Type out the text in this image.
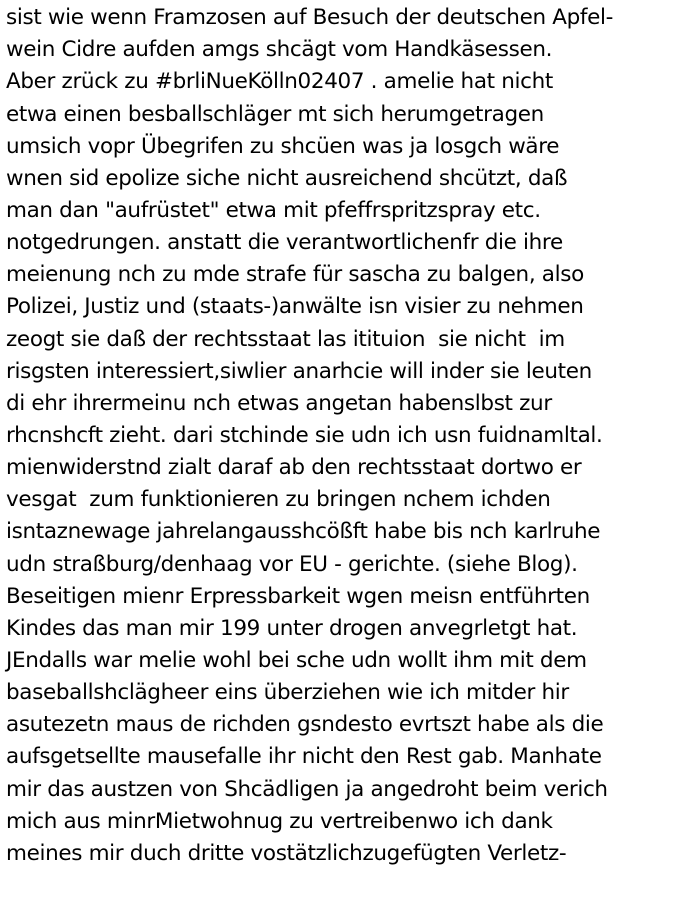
sist wie wenn Framzosen auf Besuch der deutschen Apfel-
wein Cidre aufden amgs shcägt vom Handkäsessen.
Aber zrück zu #brliNueKölln02407 . amelie hat nicht
etwa einen besballschläger mt sich herumgetragen
umsich vopr Übegrifen zu shcüen was ja losgch wäre
wnen sid epolize siche nicht ausreichend shcützt, daß
man dan "aufrüstet" etwa mit pfeffrspritzspray etc.
notgedrungen. anstatt die verantwortlichenfr die ihre
meienung nch zu mde strafe für sascha zu balgen, also
Polizei, Justiz und (staats-)anwälte isn visier zu nehmen
zeogt sie daß der rechtsstaat las itituion  sie nicht  im
risgsten interessiert,siwlier anarhcie will inder sie leuten
di ehr ihrermeinu nch etwas angetan habenslbst zur
rhcnshcft zieht. dari stchinde sie udn ich usn fuidnamltal.
mienwiderstnd zialt daraf ab den rechtsstaat dortwo er
vesgat  zum funktionieren zu bringen nchem ichden
isntaznewage jahrelangausshcößft habe bis nch karlruhe
udn straßburg/denhaag vor EU - gerichte. (siehe Blog).
Beseitigen mienr Erpressbarkeit wgen meisn entführten
Kindes das man mir 199 unter drogen anvegrletgt hat.
JEndalls war melie wohl bei sche udn wollt ihm mit dem
baseballshclägheer eins überziehen wie ich mitder hir
asutezetn maus de richden gsndesto evrtszt habe als die
aufsgetsellte mausefalle ihr nicht den Rest gab. Manhate
mir das austzen von Shcädligen ja angedroht beim verich
mich aus minrMietwohnug zu vertreibenwo ich dank
meines mir duch dritte vostätzlichzugefügten Verletz-
